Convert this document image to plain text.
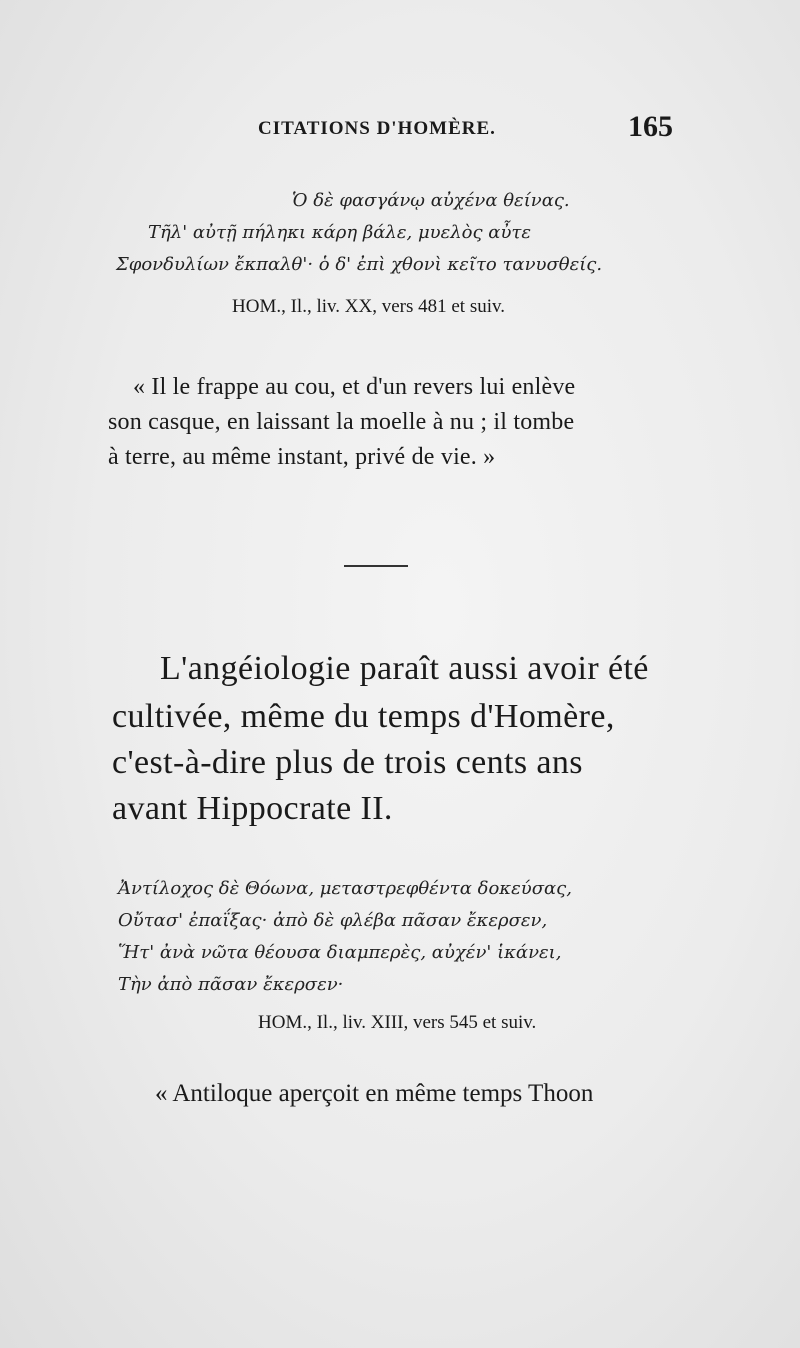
CITATIONS D'HOMÈRE.	165
Ὁ δὲ φασγάνῳ αὐχένα θείνας.
Τῆλ' αὐτῇ πήληκι κάρη βάλε, μυελὸς αὖτε
Σφονδυλίων ἔκπαλθ'· ὁ δ' ἐπὶ χθονὶ κεῖτο τανυσθείς.
HOM., Il., liv. XX, vers 481 et suiv.
« Il le frappe au cou, et d'un revers lui enlève
son casque, en laissant la moelle à nu ; il tombe
à terre, au même instant, privé de vie. »
L'angéiologie paraît aussi avoir été
cultivée, même du temps d'Homère,
c'est-à-dire plus de trois cents ans
avant Hippocrate II.
Ἀντίλοχος δὲ Θόωνα, μεταστρεφθέντα δοκεύσας,
Οὔτασ' ἐπαΐξας· ἀπὸ δὲ φλέβα πᾶσαν ἔκερσεν,
Ἥτ' ἀνὰ νῶτα θέουσα διαμπερὲς, αὐχέν' ἱκάνει,
Τὴν ἀπὸ πᾶσαν ἔκερσεν·
HOM., Il., liv. XIII, vers 545 et suiv.
« Antiloque aperçoit en même temps Thoon
